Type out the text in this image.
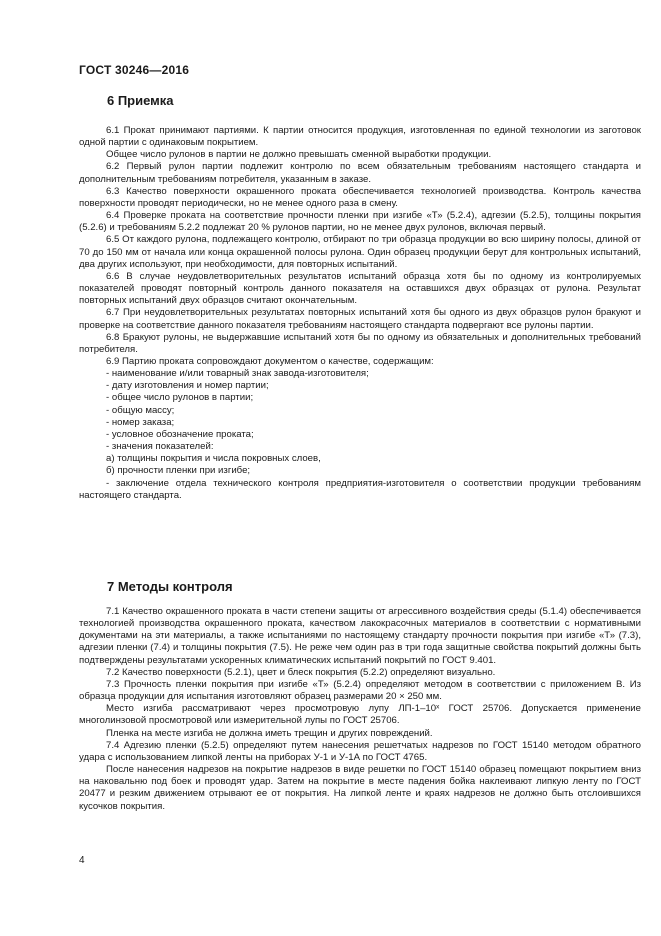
ГОСТ 30246—2016
6 Приемка

6.1 Прокат принимают партиями. К партии относится продукция, изготовленная по единой технологии из заготовок одной партии с одинаковым покрытием.

Общее число рулонов в партии не должно превышать сменной выработки продукции.

6.2 Первый рулон партии подлежит контролю по всем обязательным требованиям настоящего стандарта и дополнительным требованиям потребителя, указанным в заказе.

6.3 Качество поверхности окрашенного проката обеспечивается технологией производства. Контроль качества поверхности проводят периодически, но не менее одного раза в смену.

6.4 Проверке проката на соответствие прочности пленки при изгибе «Т» (5.2.4), адгезии (5.2.5), толщины покрытия (5.2.6) и требованиям 5.2.2 подлежат 20 % рулонов партии, но не менее двух рулонов, включая первый.

6.5 От каждого рулона, подлежащего контролю, отбирают по три образца продукции во всю ширину полосы, длиной от 70 до 150 мм от начала или конца окрашенной полосы рулона. Один образец продукции берут для контрольных испытаний, два других используют, при необходимости, для повторных испытаний.

6.6 В случае неудовлетворительных результатов испытаний образца хотя бы по одному из контролируемых показателей проводят повторный контроль данного показателя на оставшихся двух образцах от рулона. Результат повторных испытаний двух образцов считают окончательным.

6.7 При неудовлетворительных результатах повторных испытаний хотя бы одного из двух образцов рулон бракуют и проверке на соответствие данного показателя требованиям настоящего стандарта подвергают все рулоны партии.

6.8 Бракуют рулоны, не выдержавшие испытаний хотя бы по одному из обязательных и дополнительных требований потребителя.

6.9 Партию проката сопровождают документом о качестве, содержащим:

- наименование и/или товарный знак завода-изготовителя;

- дату изготовления и номер партии;

- общее число рулонов в партии;

- общую массу;

- номер заказа;

- условное обозначение проката;

- значения показателей:

а) толщины покрытия и числа покровных слоев,

б) прочности пленки при изгибе;

- заключение отдела технического контроля предприятия-изготовителя о соответствии продукции требованиям настоящего стандарта.

7 Методы контроля

7.1 Качество окрашенного проката в части степени защиты от агрессивного воздействия среды (5.1.4) обеспечивается технологией производства окрашенного проката, качеством лакокрасочных материалов в соответствии с нормативными документами на эти материалы, а также испытаниями по настоящему стандарту прочности покрытия при изгибе «Т» (7.3), адгезии пленки (7.4) и толщины покрытия (7.5). Не реже чем один раз в три года защитные свойства покрытий должны быть подтверждены результатами ускоренных климатических испытаний покрытий по ГОСТ 9.401.

7.2 Качество поверхности (5.2.1), цвет и блеск покрытия (5.2.2) определяют визуально.

7.3 Прочность пленки покрытия при изгибе «Т» (5.2.4) определяют методом в соответствии с приложением В. Из образца продукции для испытания изготовляют образец размерами 20 × 250 мм.

Место изгиба рассматривают через просмотровую лупу ЛП-1–10ˣ ГОСТ 25706. Допускается применение многолинзовой просмотровой или измерительной лупы по ГОСТ 25706.

Пленка на месте изгиба не должна иметь трещин и других повреждений.

7.4 Адгезию пленки (5.2.5) определяют путем нанесения решетчатых надрезов по ГОСТ 15140 методом обратного удара с использованием липкой ленты на приборах У-1 и У-1А по ГОСТ 4765.

После нанесения надрезов на покрытие надрезов в виде решетки по ГОСТ 15140 образец помещают покрытием вниз на наковальню под боек и проводят удар. Затем на покрытие в месте падения бойка наклеивают липкую ленту по ГОСТ 20477 и резким движением отрывают ее от покрытия. На липкой ленте и краях надрезов не должно быть отслоившихся кусочков покрытия.

4
